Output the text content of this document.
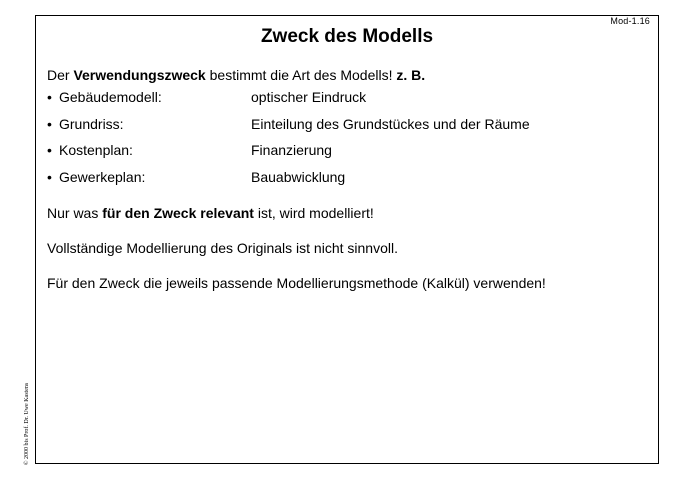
Mod-1.16
Zweck des Modells

Der Verwendungszweck bestimmt die Art des Modells! z. B.

• Gebäudemodell:	optischer Eindruck
• Grundriss:	Einteilung des Grundstückes und der Räume
• Kostenplan:	Finanzierung
• Gewerkeplan:	Bauabwicklung

Nur was für den Zweck relevant ist, wird modelliert!

Vollständige Modellierung des Originals ist nicht sinnvoll.

Für den Zweck die jeweils passende Modellierungsmethode (Kalkül) verwenden!

© 2000 bis Prof. Dr. Uwe Kastens
